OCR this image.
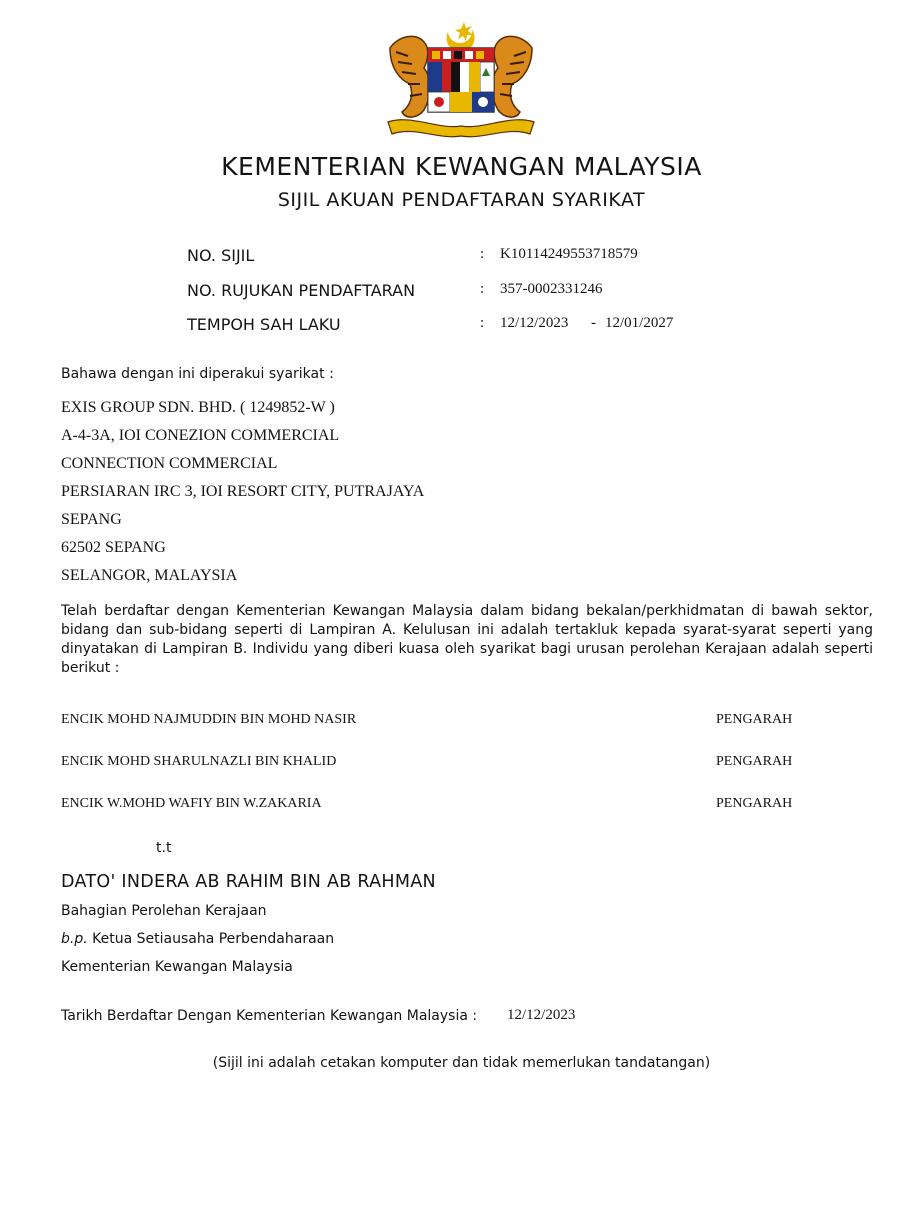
KEMENTERIAN KEWANGAN MALAYSIA
SIJIL AKUAN PENDAFTARAN SYARIKAT
NO. SIJIL	: K10114249553718579
NO. RUJUKAN PENDAFTARAN	: 357-0002331246
TEMPOH SAH LAKU	: 12/12/2023 - 12/01/2027
Bahawa dengan ini diperakui syarikat :
EXIS GROUP SDN. BHD. ( 1249852-W )
A-4-3A, IOI CONEZION COMMERCIAL
CONNECTION COMMERCIAL
PERSIARAN IRC 3, IOI RESORT CITY, PUTRAJAYA
SEPANG
62502 SEPANG
SELANGOR, MALAYSIA
Telah berdaftar dengan Kementerian Kewangan Malaysia dalam bidang bekalan/perkhidmatan di bawah sektor, bidang dan sub-bidang seperti di Lampiran A. Kelulusan ini adalah tertakluk kepada syarat-syarat seperti yang dinyatakan di Lampiran B. Individu yang diberi kuasa oleh syarikat bagi urusan perolehan Kerajaan adalah seperti berikut :
ENCIK MOHD NAJMUDDIN BIN MOHD NASIR	PENGARAH
ENCIK MOHD SHARULNAZLI BIN KHALID	PENGARAH
ENCIK W.MOHD WAFIY BIN W.ZAKARIA	PENGARAH
t.t
DATO' INDERA AB RAHIM BIN AB RAHMAN
Bahagian Perolehan Kerajaan
b.p. Ketua Setiausaha Perbendaharaan
Kementerian Kewangan Malaysia
Tarikh Berdaftar Dengan Kementerian Kewangan Malaysia : 12/12/2023
(Sijil ini adalah cetakan komputer dan tidak memerlukan tandatangan)
